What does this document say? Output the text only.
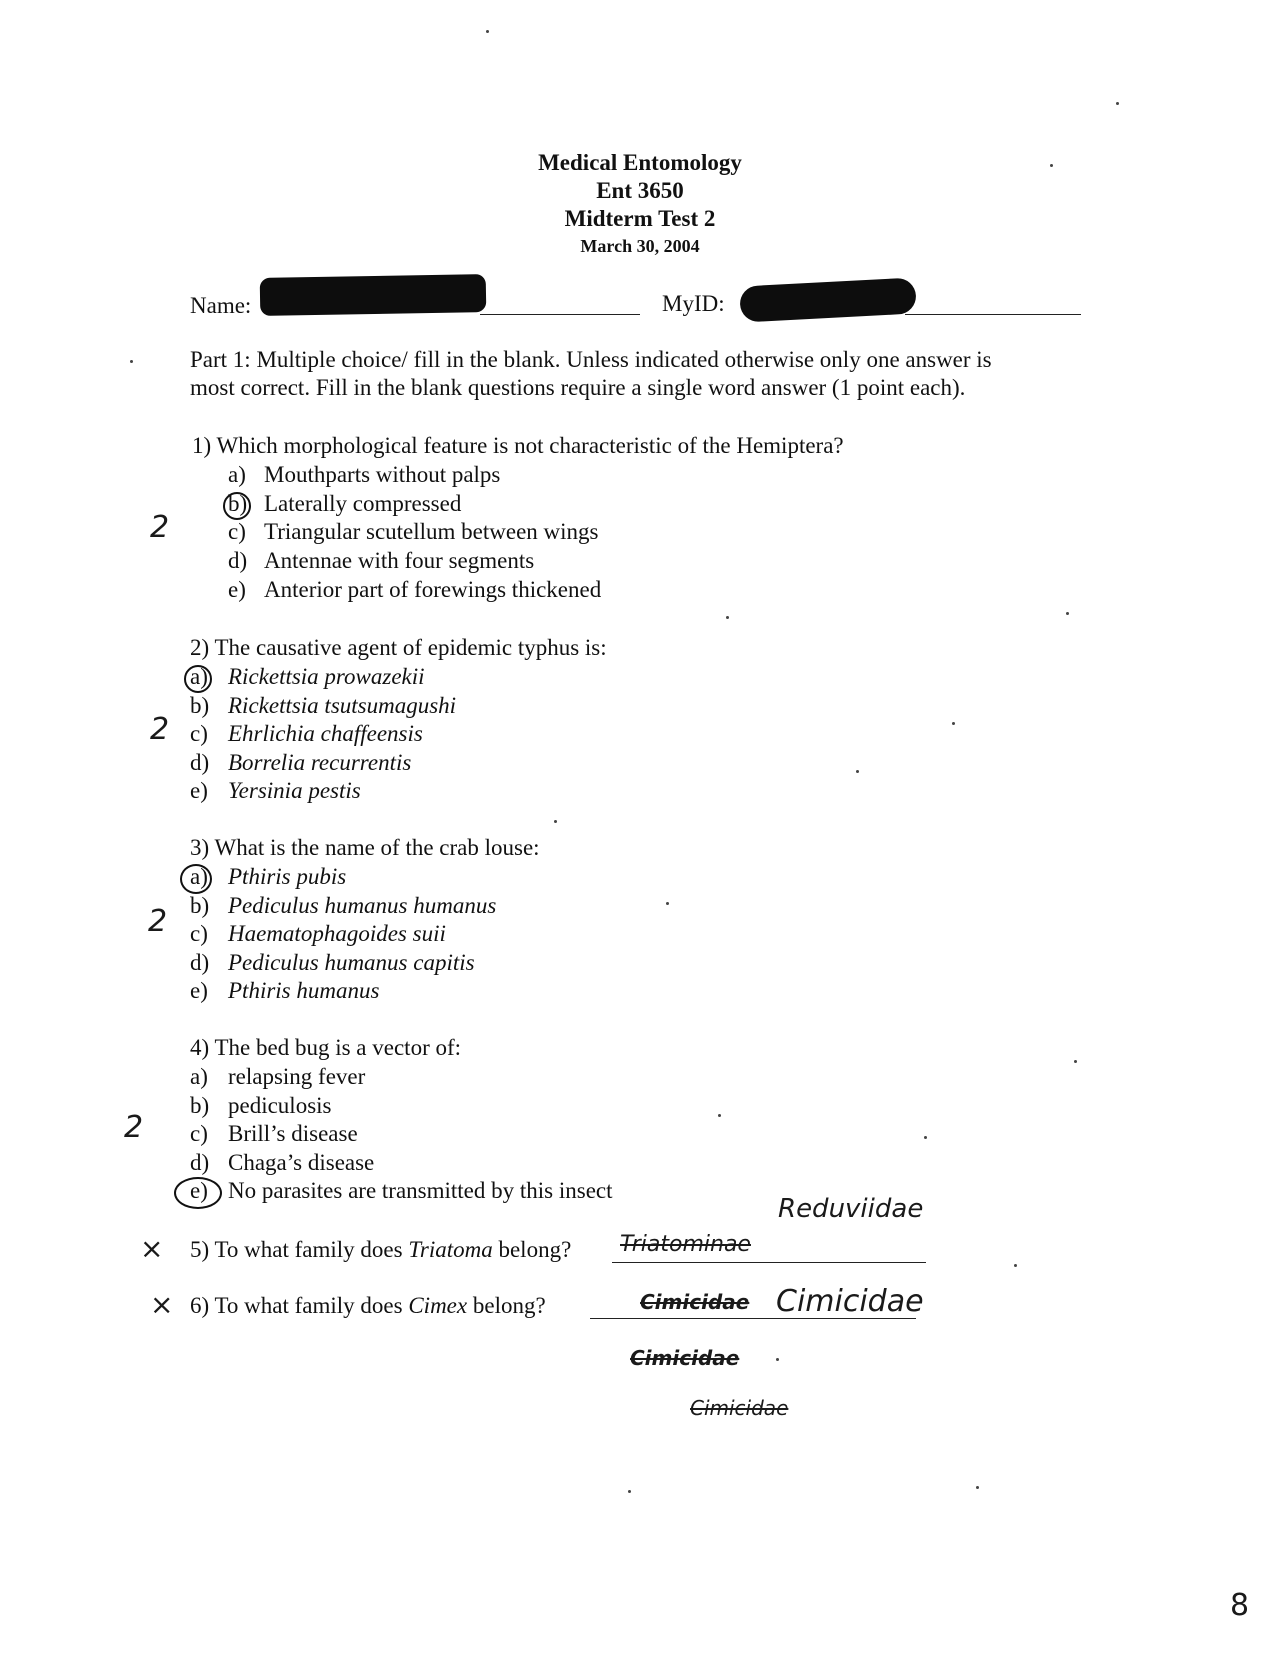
Medical Entomology
Ent 3650
Midterm Test 2
March 30, 2004
Name:	MyID:
Part 1: Multiple choice/ fill in the blank. Unless indicated otherwise only one answer is
most correct. Fill in the blank questions require a single word answer (1 point each).
1) Which morphological feature is not characteristic of the Hemiptera?
a) Mouthparts without palps
b) Laterally compressed
c) Triangular scutellum between wings
d) Antennae with four segments
e) Anterior part of forewings thickened
2
2) The causative agent of epidemic typhus is:
a) Rickettsia prowazekii
b) Rickettsia tsutsumagushi
c) Ehrlichia chaffeensis
d) Borrelia recurrentis
e) Yersinia pestis
2
3) What is the name of the crab louse:
a) Pthiris pubis
b) Pediculus humanus humanus
c) Haematophagoides suii
d) Pediculus humanus capitis
e) Pthiris humanus
2
4) The bed bug is a vector of:
a) relapsing fever
b) pediculosis
c) Brill’s disease
d) Chaga’s disease
e) No parasites are transmitted by this insect
2
Reduviidae
× 5) To what family does Triatoma belong? Triatominae
× 6) To what family does Cimex belong?	Cimicidae Cimicidae
Cimicidae
Cimicidae
8
